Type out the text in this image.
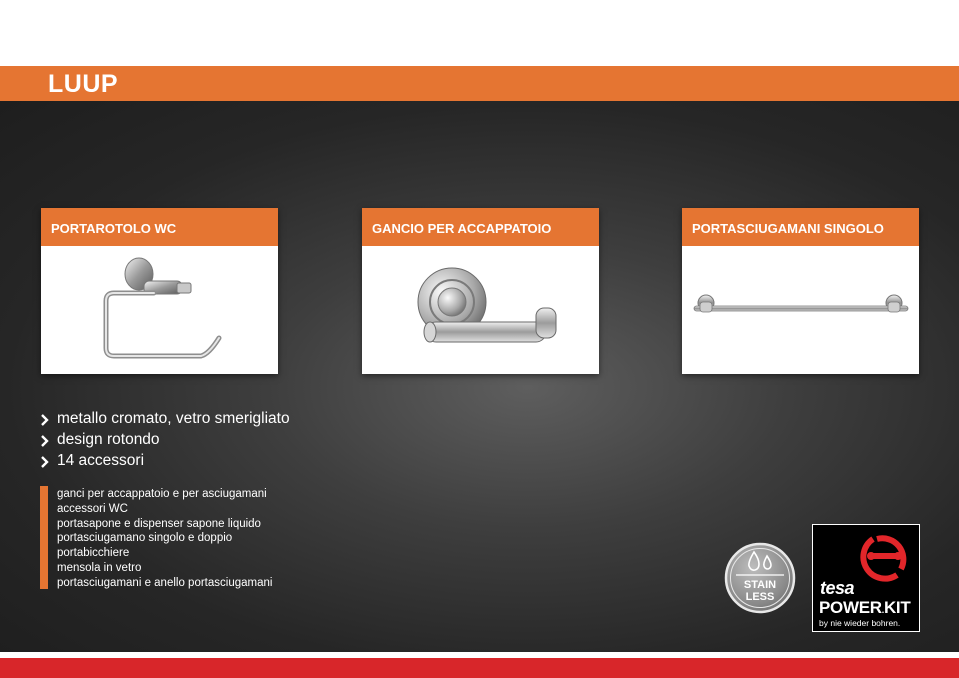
LUUP
PORTAROTOLO WC	GANCIO PER ACCAPPATOIO	PORTASCIUGAMANI SINGOLO
metallo cromato, vetro smerigliato
design rotondo
14 accessori
ganci per accappatoio e per asciugamani
accessori WC
portasapone e dispenser sapone liquido
portasciugamano singolo e doppio
portabicchiere
mensola in vetro
portasciugamani e anello portasciugamani	STAIN
LESS	tesa
POWER.KIT
by nie wieder bohren.
